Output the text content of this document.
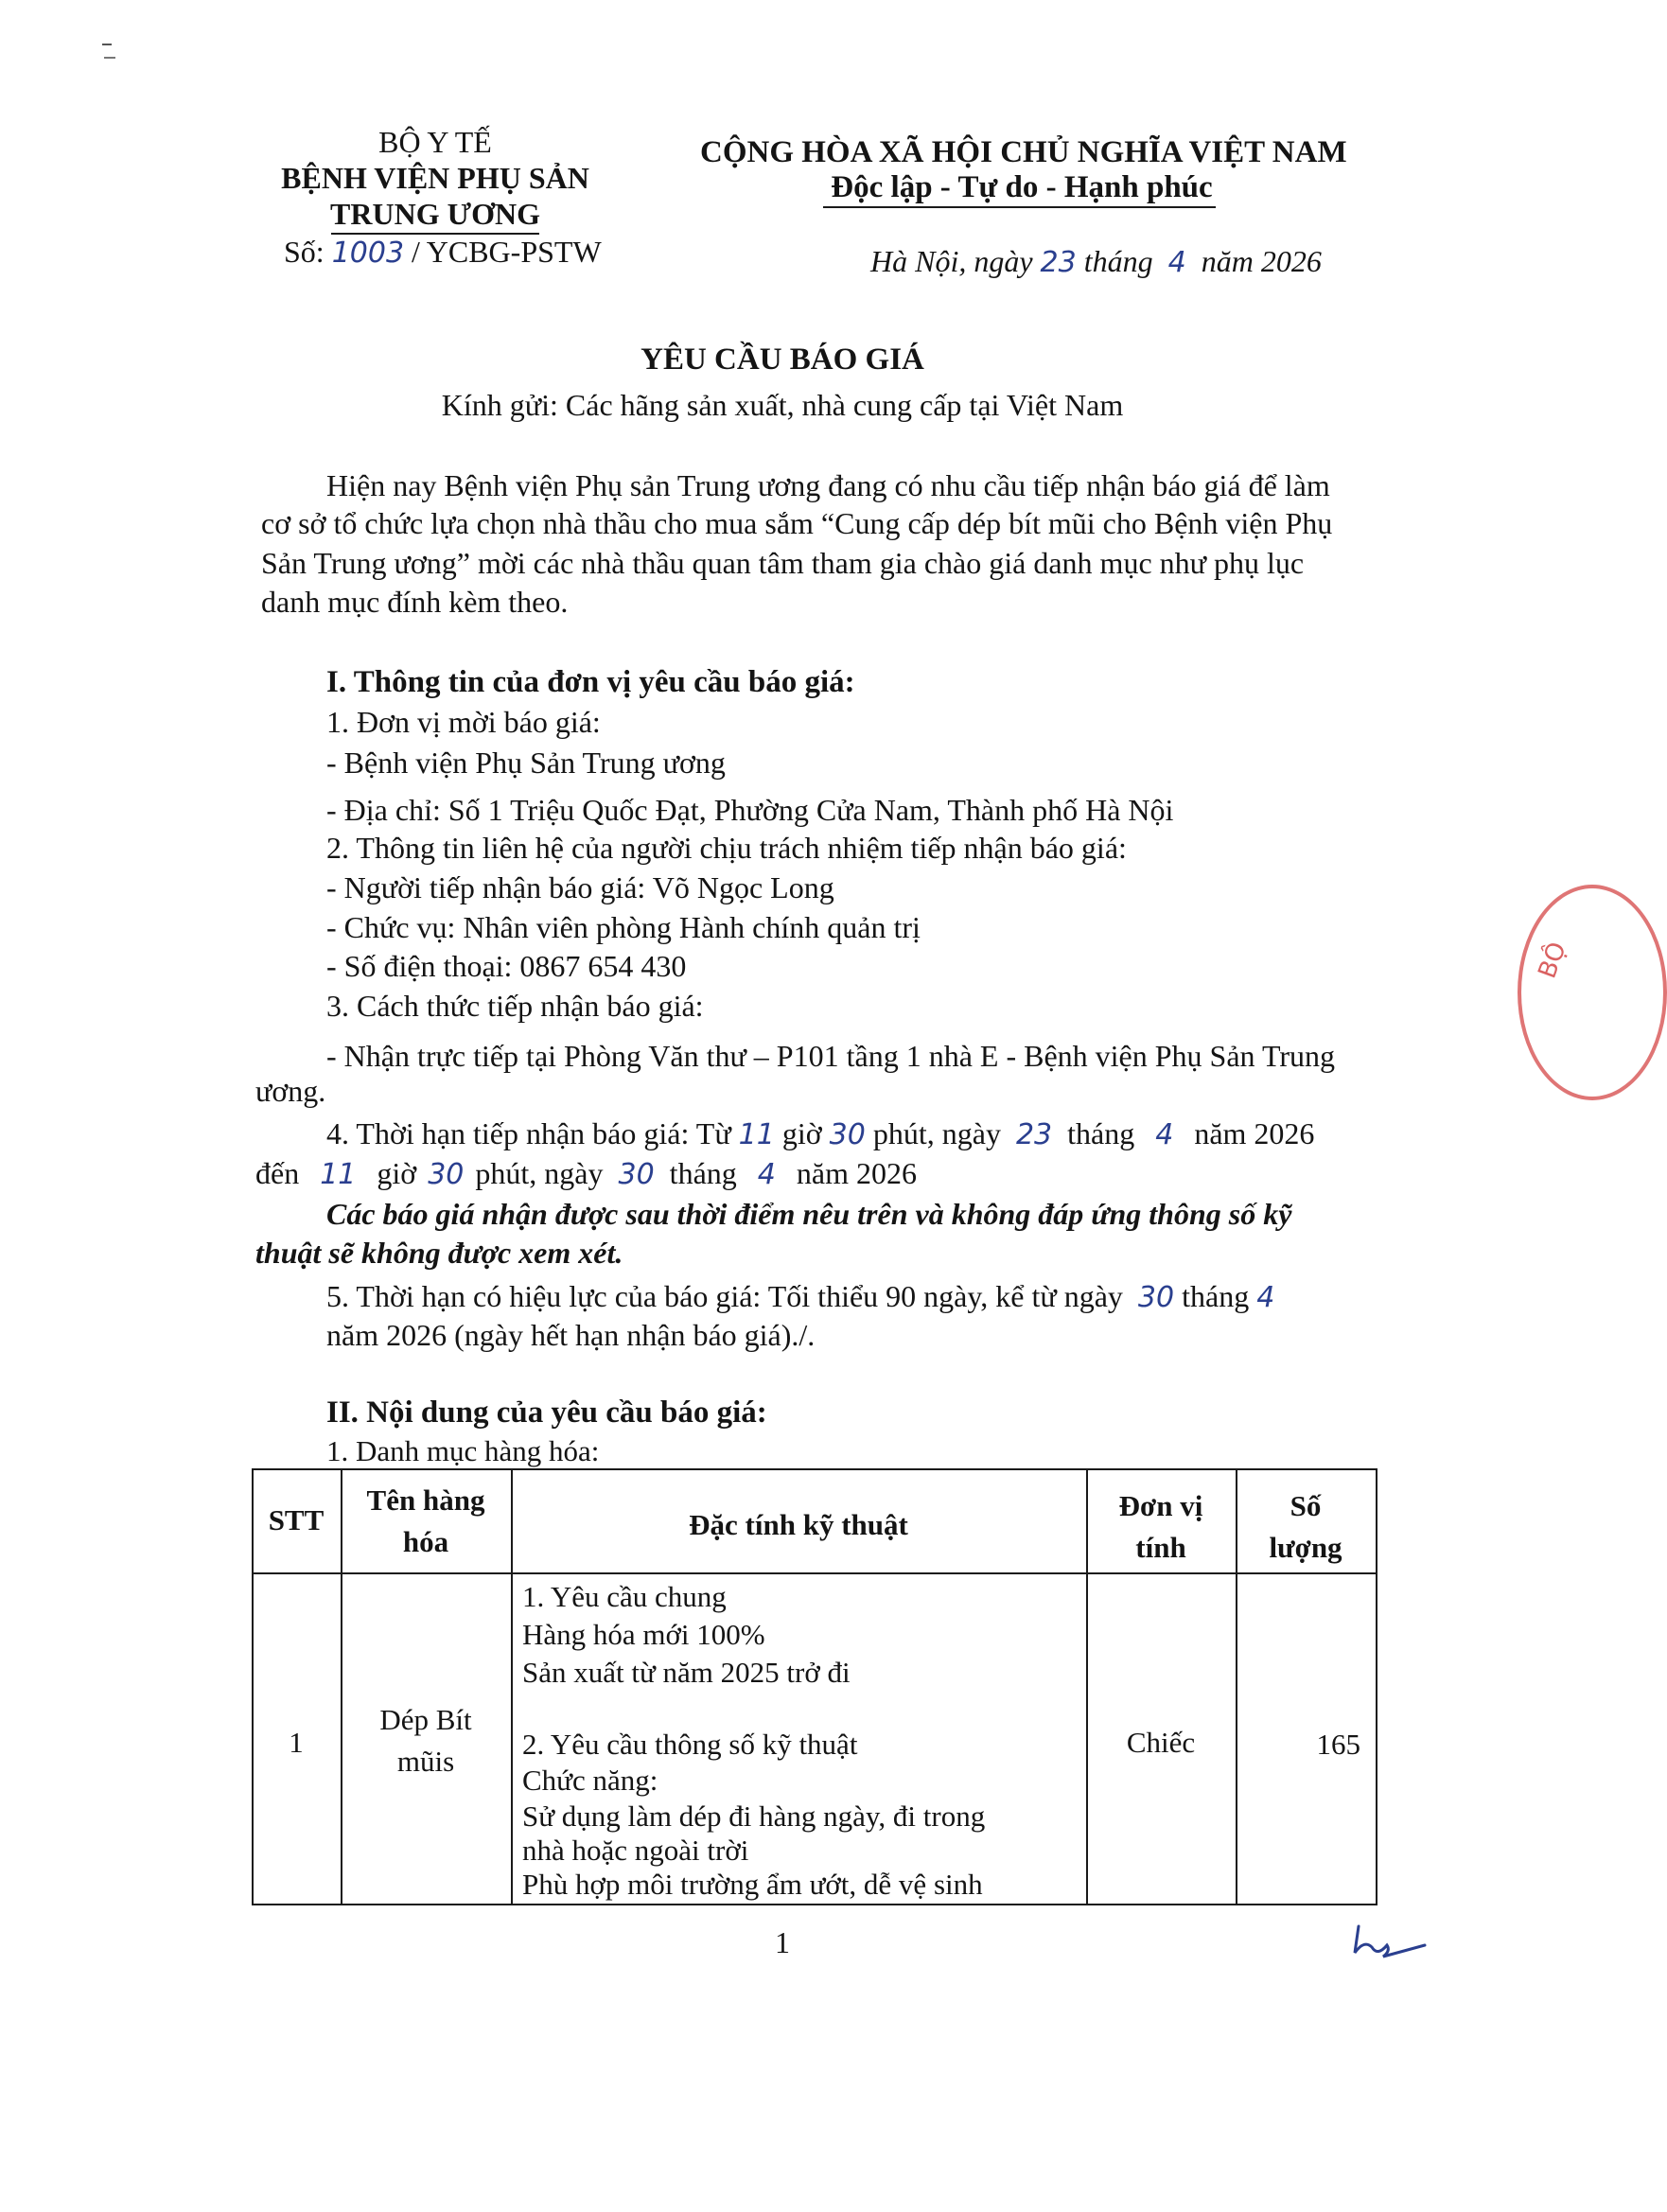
BỘ Y TẾ
BỆNH VIỆN PHỤ SẢN
TRUNG ƯƠNG
Số: 1003 / YCBG-PSTW
CỘNG HÒA XÃ HỘI CHỦ NGHĨA VIỆT NAM
Độc lập - Tự do - Hạnh phúc
Hà Nội, ngày 23 tháng 4 năm 2026
YÊU CẦU BÁO GIÁ
Kính gửi: Các hãng sản xuất, nhà cung cấp tại Việt Nam
Hiện nay Bệnh viện Phụ sản Trung ương đang có nhu cầu tiếp nhận báo giá để làm
cơ sở tổ chức lựa chọn nhà thầu cho mua sắm “Cung cấp dép bít mũi cho Bệnh viện Phụ
Sản Trung ương” mời các nhà thầu quan tâm tham gia chào giá danh mục như phụ lục
danh mục đính kèm theo.
I. Thông tin của đơn vị yêu cầu báo giá:
1. Đơn vị mời báo giá:
- Bệnh viện Phụ Sản Trung ương
- Địa chỉ: Số 1 Triệu Quốc Đạt, Phường Cửa Nam, Thành phố Hà Nội
2. Thông tin liên hệ của người chịu trách nhiệm tiếp nhận báo giá:
- Người tiếp nhận báo giá: Võ Ngọc Long
- Chức vụ: Nhân viên phòng Hành chính quản trị
- Số điện thoại: 0867 654 430
3. Cách thức tiếp nhận báo giá:
- Nhận trực tiếp tại Phòng Văn thư – P101 tầng 1 nhà E - Bệnh viện Phụ Sản Trung
ương.
4. Thời hạn tiếp nhận báo giá: Từ 11 giờ 30 phút, ngày 23 tháng 4 năm 2026
đến 11 giờ 30 phút, ngày 30 tháng 4 năm 2026
Các báo giá nhận được sau thời điểm nêu trên và không đáp ứng thông số kỹ
thuật sẽ không được xem xét.
5. Thời hạn có hiệu lực của báo giá: Tối thiểu 90 ngày, kể từ ngày 30 tháng 4
năm 2026 (ngày hết hạn nhận báo giá)./.
II. Nội dung của yêu cầu báo giá:
1. Danh mục hàng hóa:
STT
Tên hàng
hóa
Đặc tính kỹ thuật
Đơn vị
tính
Số
lượng
1
Dép Bít
mũis
1. Yêu cầu chung
Hàng hóa mới 100%
Sản xuất từ năm 2025 trở đi
2. Yêu cầu thông số kỹ thuật
Chức năng:
Sử dụng làm dép đi hàng ngày, đi trong
nhà hoặc ngoài trời
Phù hợp môi trường ẩm ướt, dễ vệ sinh
Chiếc	165
1
BỘ
